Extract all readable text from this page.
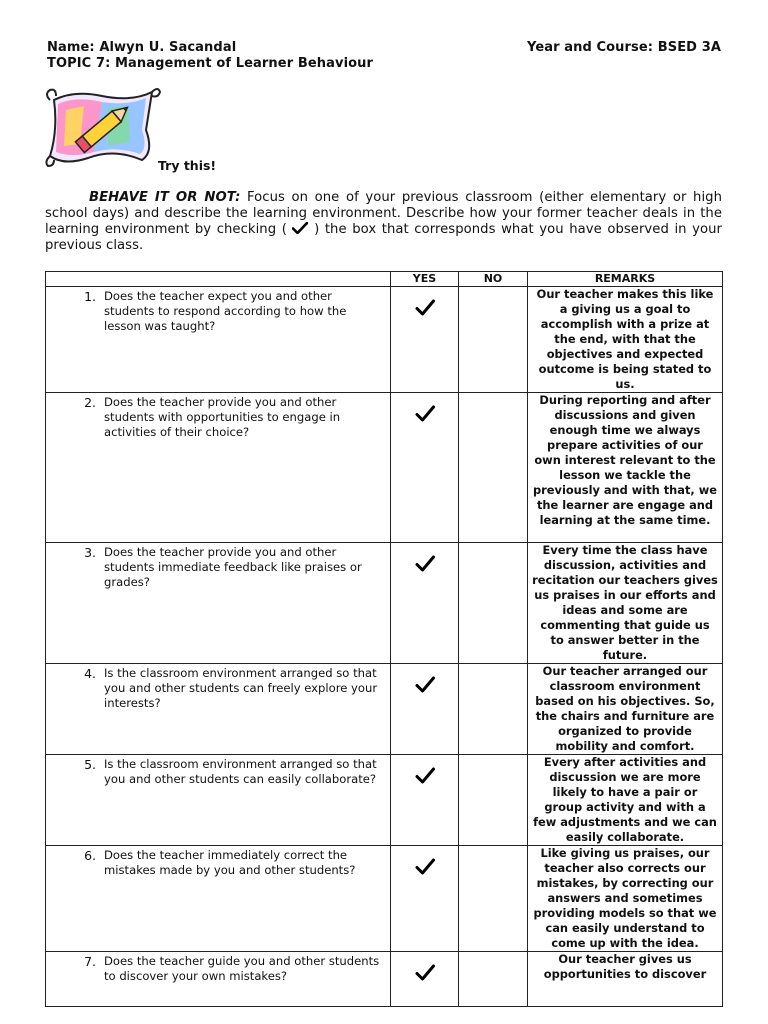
Name: Alwyn U. Sacandal	Year and Course: BSED 3A
TOPIC 7: Management of Learner Behaviour
Try this!
BEHAVE IT OR NOT: Focus on one of your previous classroom (either elementary or high school days) and describe the learning environment. Describe how your former teacher deals in the learning environment by checking ( ) the box that corresponds what you have observed in your previous class.
	YES	NO	REMARKS

1. Does the teacher expect you and other students to respond according to how the lesson was taught?			Our teacher makes this like a giving us a goal to accomplish with a prize at the end, with that the objectives and expected outcome is being stated to us.

2. Does the teacher provide you and other students with opportunities to engage in activities of their choice?			During reporting and after discussions and given enough time we always prepare activities of our own interest relevant to the lesson we tackle the previously and with that, we the learner are engage and learning at the same time.

3. Does the teacher provide you and other students immediate feedback like praises or grades?			Every time the class have discussion, activities and recitation our teachers gives us praises in our efforts and ideas and some are commenting that guide us to answer better in the future.

4. Is the classroom environment arranged so that you and other students can freely explore your interests?			Our teacher arranged our classroom environment based on his objectives. So, the chairs and furniture are organized to provide mobility and comfort.

5. Is the classroom environment arranged so that you and other students can easily collaborate?			Every after activities and discussion we are more likely to have a pair or group activity and with a few adjustments and we can easily collaborate.

6. Does the teacher immediately correct the mistakes made by you and other students?			Like giving us praises, our teacher also corrects our mistakes, by correcting our answers and sometimes providing models so that we can easily understand to come up with the idea.

7. Does the teacher guide you and other students to discover your own mistakes?			Our teacher gives us opportunities to discover
